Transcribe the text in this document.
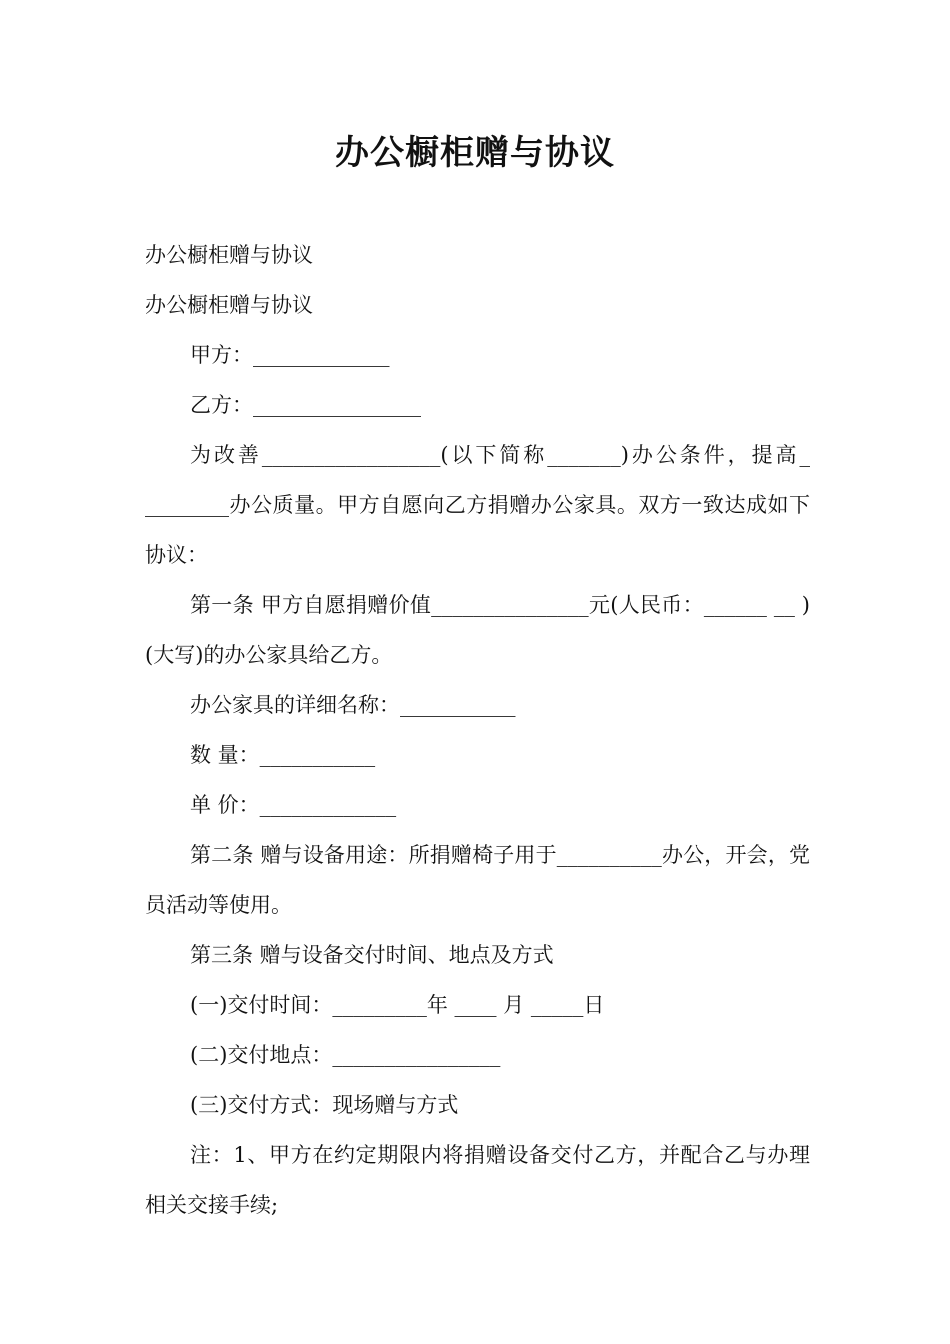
办公橱柜赠与协议

办公橱柜赠与协议

办公橱柜赠与协议

甲方：_____________

乙方：________________

为改善_________________(以下简称_______)办公条件，提高_ ________办公质量。甲方自愿向乙方捐赠办公家具。双方一致达成如下协议：

第一条 甲方自愿捐赠价值_______________元(人民币：______ __ )(大写)的办公家具给乙方。

办公家具的详细名称：___________

数 量：___________

单 价：_____________

第二条 赠与设备用途：所捐赠椅子用于__________办公，开会，党员活动等使用。

第三条 赠与设备交付时间、地点及方式

(一)交付时间：_________年 ____ 月 _____日

(二)交付地点：________________

(三)交付方式：现场赠与方式

注：1、甲方在约定期限内将捐赠设备交付乙方，并配合乙与办理相关交接手续;
